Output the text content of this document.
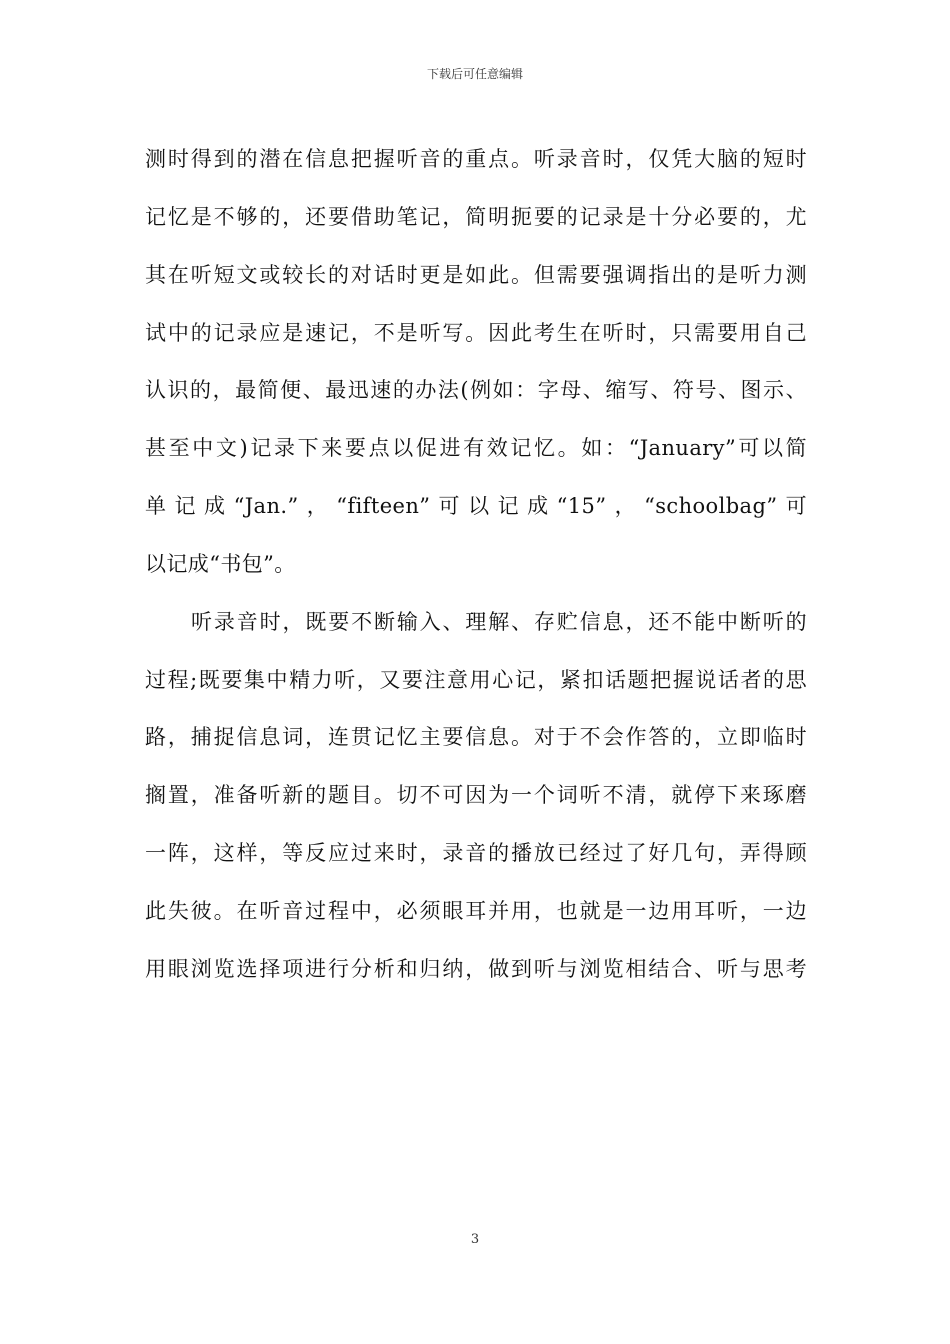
下载后可任意编辑
测时得到的潜在信息把握听音的重点。听录音时，仅凭大脑的短时
记忆是不够的，还要借助笔记，简明扼要的记录是十分必要的，尤
其在听短文或较长的对话时更是如此。但需要强调指出的是听力测
试中的记录应是速记，不是听写。因此考生在听时，只需要用自己
认识的，最简便、最迅速的办法(例如：字母、缩写、符号、图示、
甚至中文)记录下来要点以促进有效记忆。如：“January”可以简
单记成“Jan.”，“fifteen”可以记成“15”，“schoolbag”可
以记成“书包”。
听录音时，既要不断输入、理解、存贮信息，还不能中断听的
过程;既要集中精力听，又要注意用心记，紧扣话题把握说话者的思
路，捕捉信息词，连贯记忆主要信息。对于不会作答的，立即临时
搁置，准备听新的题目。切不可因为一个词听不清，就停下来琢磨
一阵，这样，等反应过来时，录音的播放已经过了好几句，弄得顾
此失彼。在听音过程中，必须眼耳并用，也就是一边用耳听，一边
用眼浏览选择项进行分析和归纳，做到听与浏览相结合、听与思考
3
